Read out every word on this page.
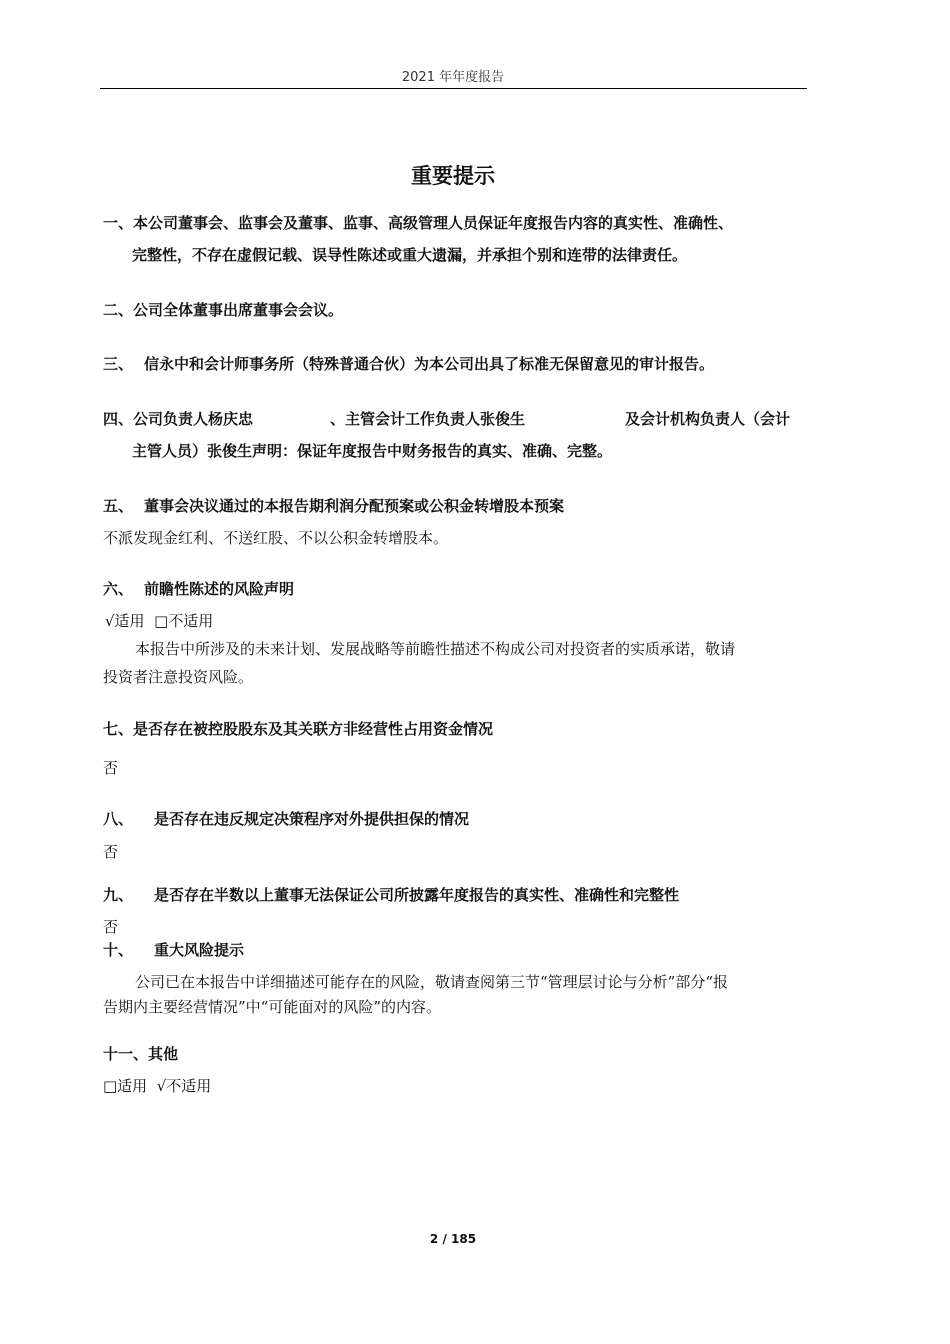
2021 年年度报告
重要提示
一、本公司董事会、监事会及董事、监事、高级管理人员保证年度报告内容的真实性、准确性、
完整性，不存在虚假记载、误导性陈述或重大遗漏，并承担个别和连带的法律责任。
二、公司全体董事出席董事会会议。
三、 信永中和会计师事务所（特殊普通合伙）为本公司出具了标准无保留意见的审计报告。
四、公司负责人杨庆忠	、主管会计工作负责人张俊生	及会计机构负责人（会计
主管人员）张俊生声明：保证年度报告中财务报告的真实、准确、完整。
五、 董事会决议通过的本报告期利润分配预案或公积金转增股本预案
不派发现金红利、不送红股、不以公积金转增股本。
六、 前瞻性陈述的风险声明
√适用  □不适用
本报告中所涉及的未来计划、发展战略等前瞻性描述不构成公司对投资者的实质承诺，敬请
投资者注意投资风险。
七、是否存在被控股股东及其关联方非经营性占用资金情况
否
八、 是否存在违反规定决策程序对外提供担保的情况
否
九、 是否存在半数以上董事无法保证公司所披露年度报告的真实性、准确性和完整性
否
十、 重大风险提示
公司已在本报告中详细描述可能存在的风险，敬请查阅第三节“管理层讨论与分析”部分“报
告期内主要经营情况”中“可能面对的风险”的内容。
十一、其他
□适用  √不适用
2 / 185
